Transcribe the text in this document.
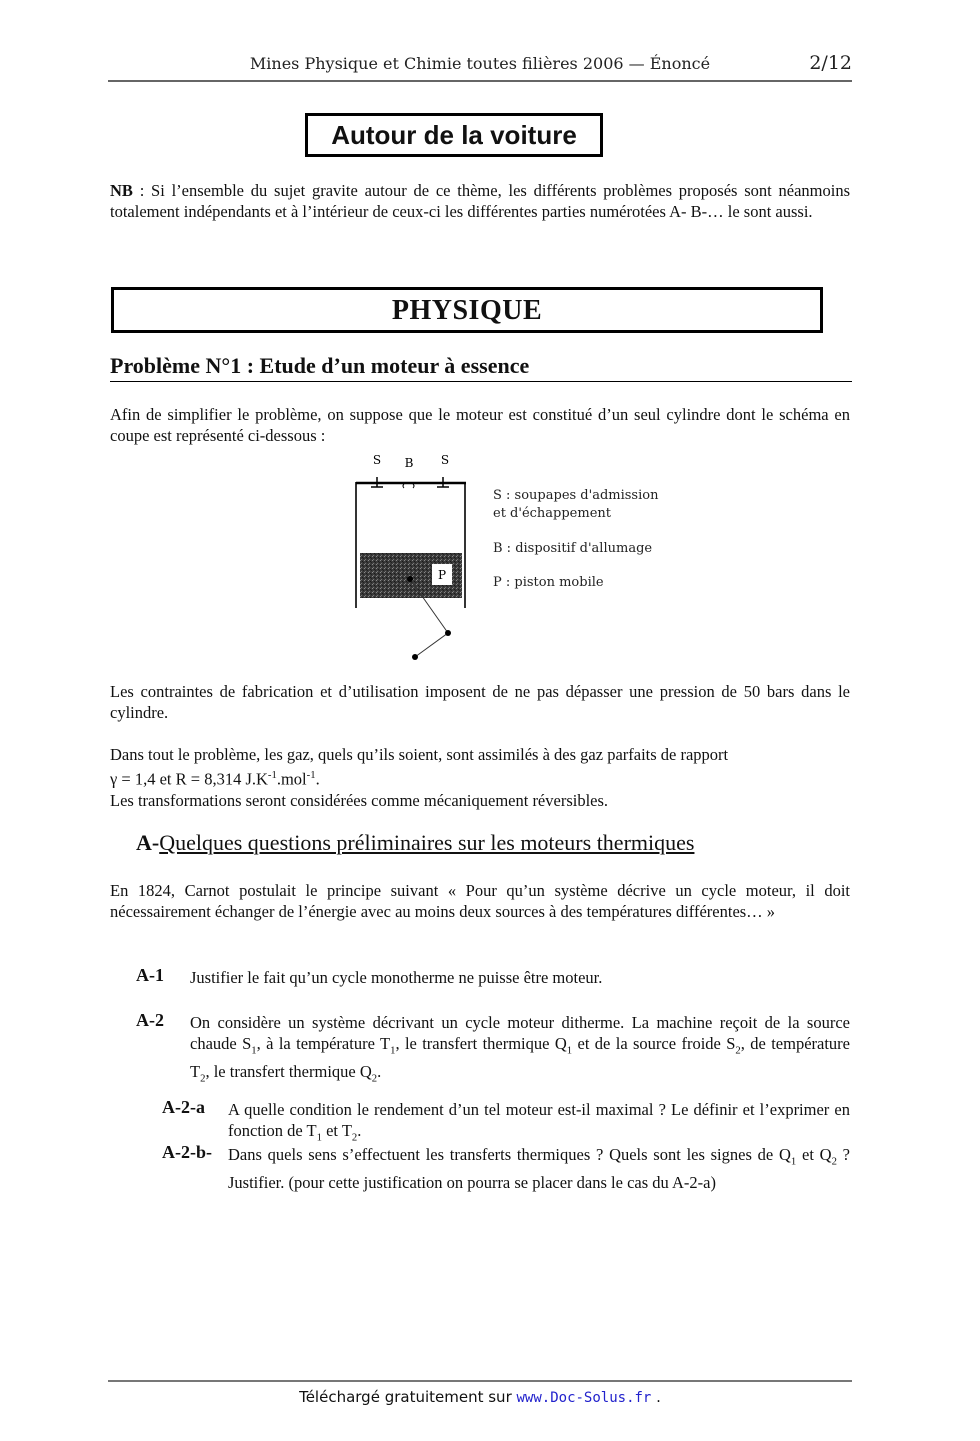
Mines Physique et Chimie toutes filières 2006 — Énoncé	2/12
Autour de la voiture
NB : Si l’ensemble du sujet gravite autour de ce thème, les différents problèmes proposés sont néanmoins totalement indépendants et à l’intérieur de ceux-ci les différentes parties numérotées A- B-… le sont aussi.
PHYSIQUE
Problème N°1 : Etude d’un moteur à essence
Afin de simplifier le problème, on suppose que le moteur est constitué d’un seul cylindre dont le schéma en coupe est représenté ci-dessous :
S B S
P
S : soupapes d'admission
et d'échappement
B : dispositif d'allumage
P : piston mobile
Les contraintes de fabrication et d’utilisation imposent de ne pas dépasser une pression de 50 bars dans le cylindre.
Dans tout le problème, les gaz, quels qu’ils soient, sont assimilés à des gaz parfaits de rapport
γ = 1,4 et R = 8,314 $J.K^{-1}.mol^{-1}$.
Les transformations seront considérées comme mécaniquement réversibles.
A-Quelques questions préliminaires sur les moteurs thermiques
En 1824, Carnot postulait le principe suivant « Pour qu’un système décrive un cycle moteur, il doit nécessairement échanger de l’énergie avec au moins deux sources à des températures différentes… »
A-1 Justifier le fait qu’un cycle monotherme ne puisse être moteur.
A-2 On considère un système décrivant un cycle moteur ditherme. La machine reçoit de la source chaude $S_1$, à la température $T_1$, le transfert thermique $Q_1$ et de la source froide $S_2$, de température $T_2$, le transfert thermique $Q_2$.
A-2-a A quelle condition le rendement d’un tel moteur est-il maximal ? Le définir et l’exprimer en fonction de $T_1$ et $T_2$.
A-2-b- Dans quels sens s’effectuent les transferts thermiques ? Quels sont les signes de $Q_1$ et $Q_2$ ? Justifier. (pour cette justification on pourra se placer dans le cas du A-2-a)
Téléchargé gratuitement sur www.Doc-Solus.fr .
